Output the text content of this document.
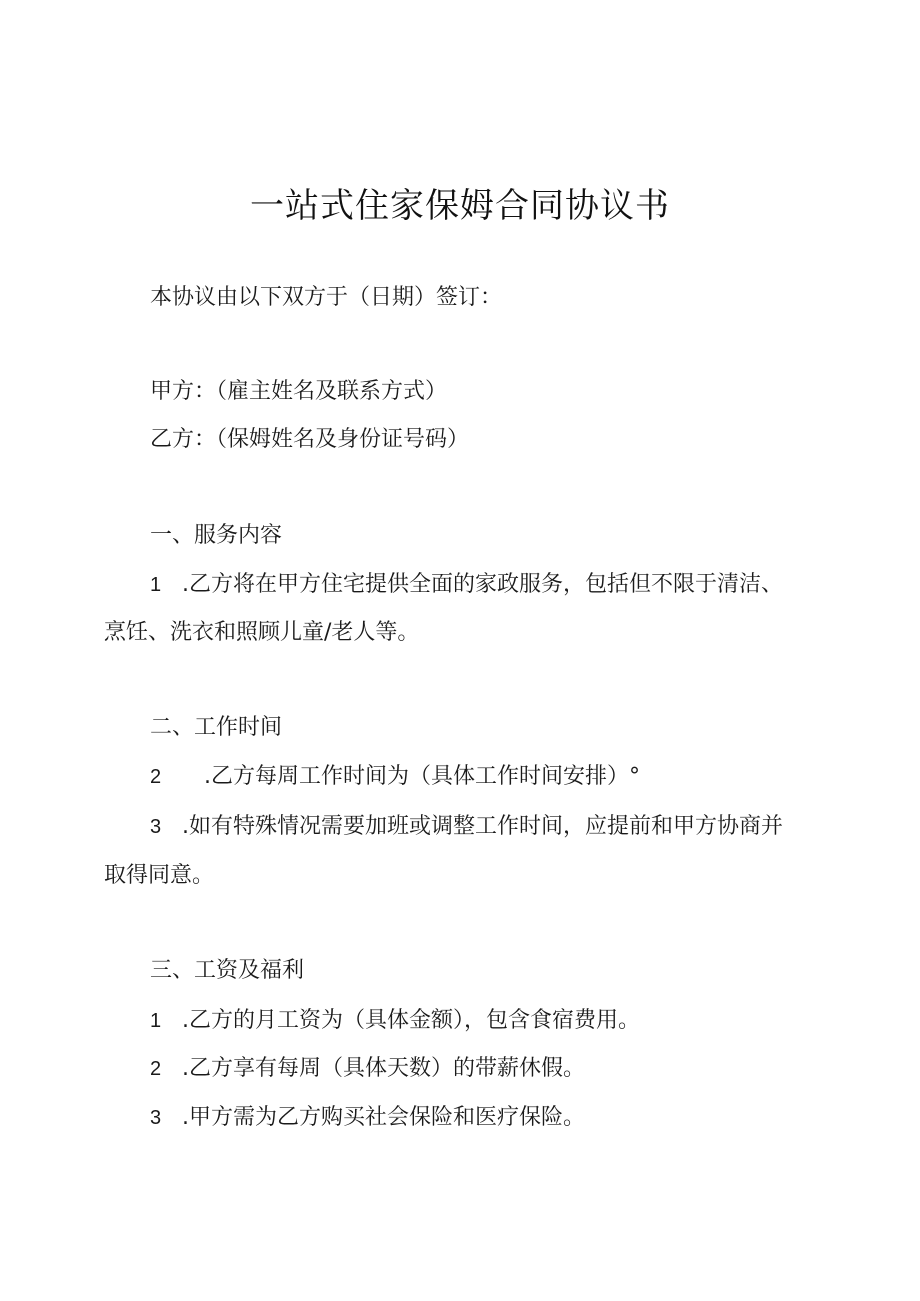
一站式住家保姆合同协议书
本协议由以下双方于（日期）签订：
甲方：（雇主姓名及联系方式）
乙方：（保姆姓名及身份证号码）
一、服务内容
1 .乙方将在甲方住宅提供全面的家政服务，包括但不限于清洁、
烹饪、洗衣和照顾儿童/老人等。
二、工作时间
2 .乙方每周工作时间为（具体工作时间安排）°
3 .如有特殊情况需要加班或调整工作时间，应提前和甲方协商并
取得同意。
三、工资及福利
1 .乙方的月工资为（具体金额），包含食宿费用。
2 .乙方享有每周（具体天数）的带薪休假。
3 .甲方需为乙方购买社会保险和医疗保险。
